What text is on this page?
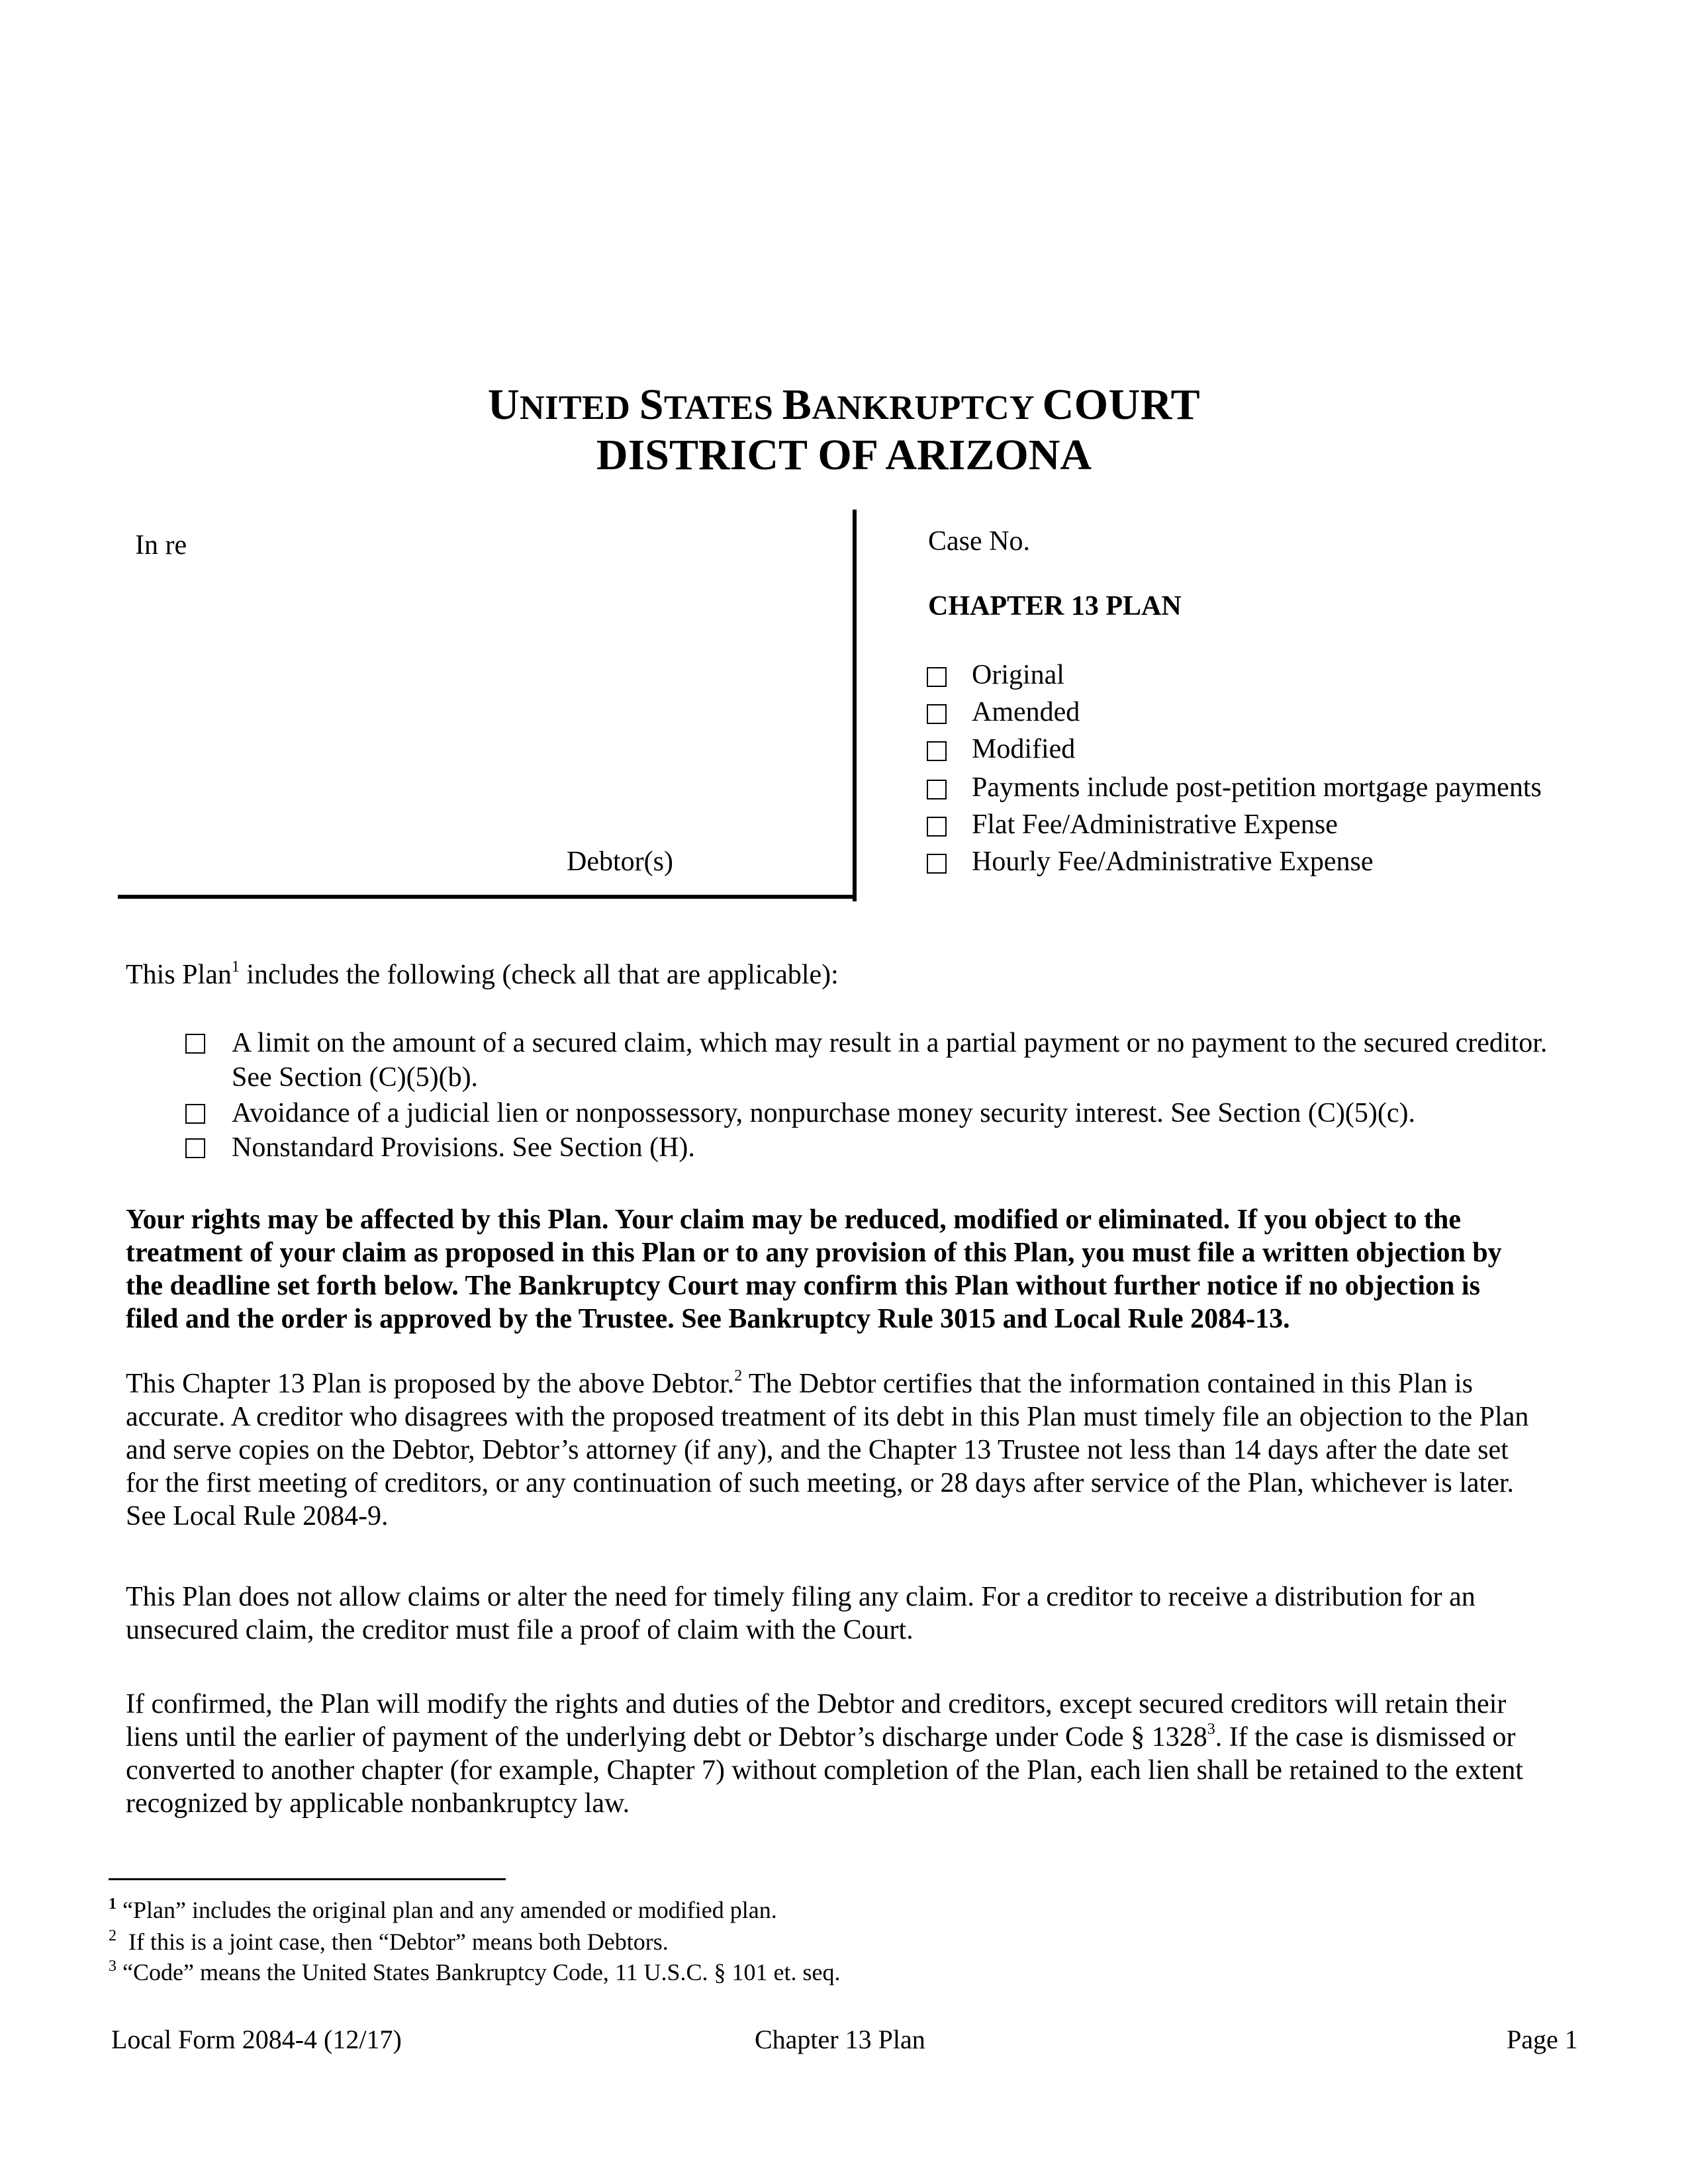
UNITED STATES BANKRUPTCY COURT
DISTRICT OF ARIZONA
In re
Debtor(s)
Case No.
CHAPTER 13 PLAN
Original
Amended
Modified
Payments include post-petition mortgage payments
Flat Fee/Administrative Expense
Hourly Fee/Administrative Expense
This Plan$^1$ includes the following (check all that are applicable):
A limit on the amount of a secured claim, which may result in a partial payment or no payment to the secured creditor. See Section (C)(5)(b).
Avoidance of a judicial lien or nonpossessory, nonpurchase money security interest. See Section (C)(5)(c).
Nonstandard Provisions. See Section (H).
Your rights may be affected by this Plan. Your claim may be reduced, modified or eliminated. If you object to the treatment of your claim as proposed in this Plan or to any provision of this Plan, you must file a written objection by the deadline set forth below. The Bankruptcy Court may confirm this Plan without further notice if no objection is filed and the order is approved by the Trustee. See Bankruptcy Rule 3015 and Local Rule 2084-13.
This Chapter 13 Plan is proposed by the above Debtor.$^2$ The Debtor certifies that the information contained in this Plan is accurate. A creditor who disagrees with the proposed treatment of its debt in this Plan must timely file an objection to the Plan and serve copies on the Debtor, Debtor’s attorney (if any), and the Chapter 13 Trustee not less than 14 days after the date set for the first meeting of creditors, or any continuation of such meeting, or 28 days after service of the Plan, whichever is later. See Local Rule 2084-9.
This Plan does not allow claims or alter the need for timely filing any claim. For a creditor to receive a distribution for an unsecured claim, the creditor must file a proof of claim with the Court.
If confirmed, the Plan will modify the rights and duties of the Debtor and creditors, except secured creditors will retain their liens until the earlier of payment of the underlying debt or Debtor’s discharge under Code § 1328$^3$. If the case is dismissed or converted to another chapter (for example, Chapter 7) without completion of the Plan, each lien shall be retained to the extent recognized by applicable nonbankruptcy law.
$^1$ “Plan” includes the original plan and any amended or modified plan.
$^2$  If this is a joint case, then “Debtor” means both Debtors.
$^3$ “Code” means the United States Bankruptcy Code, 11 U.S.C. § 101 et. seq.
Local Form 2084-4 (12/17)	Chapter 13 Plan	Page 1
